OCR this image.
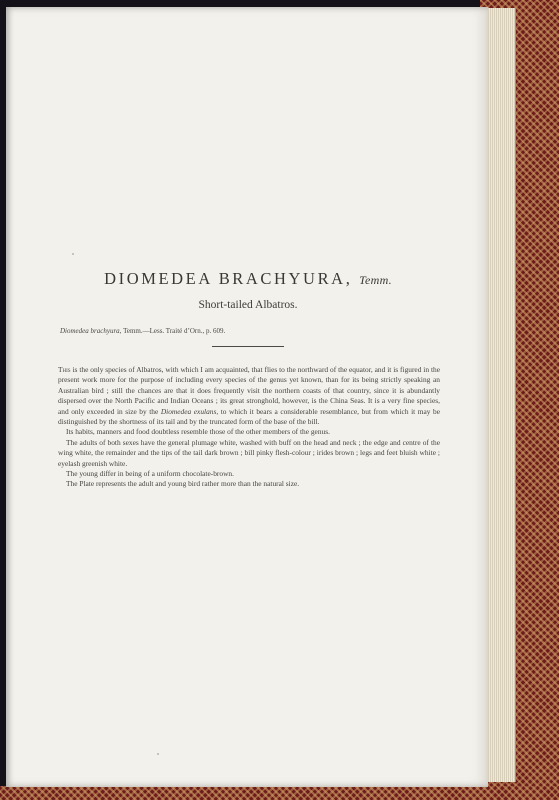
DIOMEDEA BRACHYURA, Temm.
Short-tailed Albatros.
Diomedea brachyura, Temm.—Less. Traité d’Orn., p. 609.

This is the only species of Albatros, with which I am acquainted, that flies to the northward of the equator, and it is figured in the present work more for the purpose of including every species of the genus yet known, than for its being strictly speaking an Australian bird ; still the chances are that it does frequently visit the northern coasts of that country, since it is abundantly dispersed over the North Pacific and Indian Oceans ; its great stronghold, however, is the China Seas. It is a very fine species, and only exceeded in size by the Diomedea exulans, to which it bears a considerable resemblance, but from which it may be distinguished by the shortness of its tail and by the truncated form of the base of the bill.

Its habits, manners and food doubtless resemble those of the other members of the genus.

The adults of both sexes have the general plumage white, washed with buff on the head and neck ; the edge and centre of the wing white, the remainder and the tips of the tail dark brown ; bill pinky flesh-colour ; irides brown ; legs and feet bluish white ; eyelash greenish white.

The young differ in being of a uniform chocolate-brown.

The Plate represents the adult and young bird rather more than the natural size.
